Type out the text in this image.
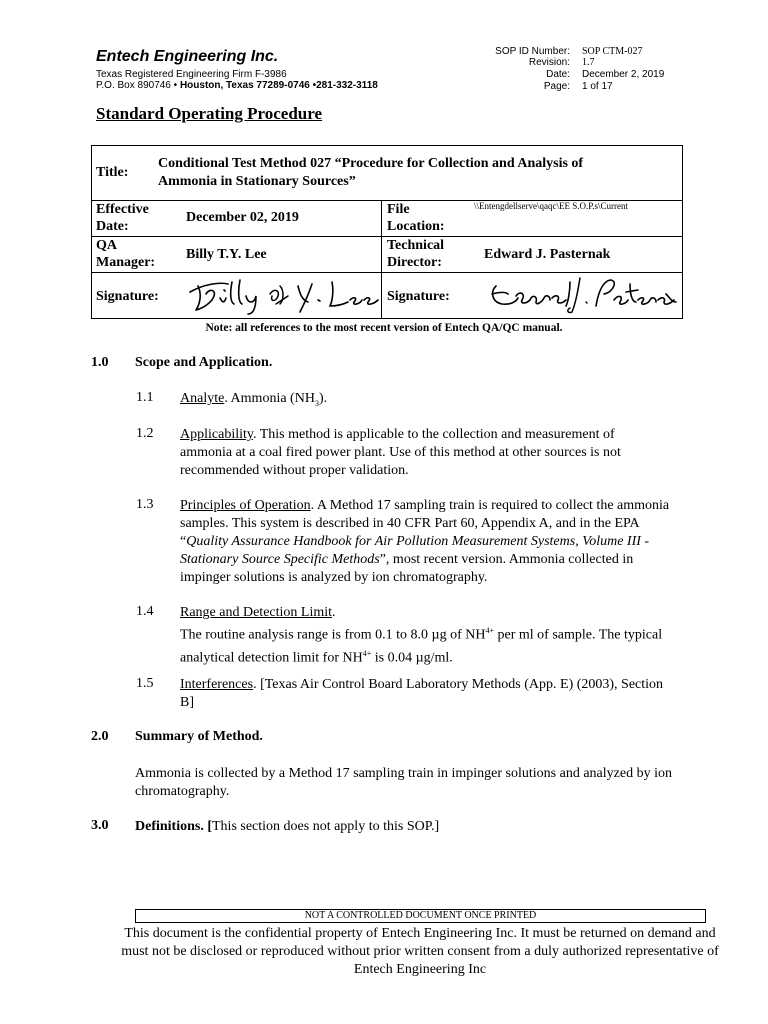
Entech Engineering Inc.
Texas Registered Engineering Firm F-3986
P.O. Box 890746 • Houston, Texas 77289-0746 •281-332-3118
SOP ID Number: SOP CTM-027
Revision: 1.7
Date: December 2, 2019
Page: 1 of 17
Standard Operating Procedure
Title:
Conditional Test Method 027 “Procedure for Collection and Analysis of
Ammonia in Stationary Sources”
Effective
Date:
December 02, 2019
File
Location:
\\Entengdellserve\qaqc\EE S.O.P.s\Current
QA
Manager:
Billy T.Y. Lee
Technical
Director:
Edward J. Pasternak
Signature:	Signature:
Note: all references to the most recent version of Entech QA/QC manual.
1.0 Scope and Application.
1.1 Analyte. Ammonia $(NH_3)$.
1.2 Applicability. This method is applicable to the collection and measurement of ammonia at a coal fired power plant. Use of this method at other sources is not recommended without proper validation.
1.3 Principles of Operation. A Method 17 sampling train is required to collect the ammonia samples. This system is described in 40 CFR Part 60, Appendix A, and in the EPA “Quality Assurance Handbook for Air Pollution Measurement Systems, Volume III - Stationary Source Specific Methods”, most recent version. Ammonia collected in impinger solutions is analyzed by ion chromatography.
1.4 Range and Detection Limit.
The routine analysis range is from 0.1 to 8.0 µg of $NH^{4+}$ per ml of sample. The typical analytical detection limit for $NH^{4+}$ is 0.04 µg/ml.
1.5 Interferences. [Texas Air Control Board Laboratory Methods (App. E) (2003), Section B]
2.0 Summary of Method.
Ammonia is collected by a Method 17 sampling train in impinger solutions and analyzed by ion chromatography.
3.0 Definitions. [This section does not apply to this SOP.]
NOT A CONTROLLED DOCUMENT ONCE PRINTED
This document is the confidential property of Entech Engineering Inc. It must be returned on demand and must not be disclosed or reproduced without prior written consent from a duly authorized representative of Entech Engineering Inc
